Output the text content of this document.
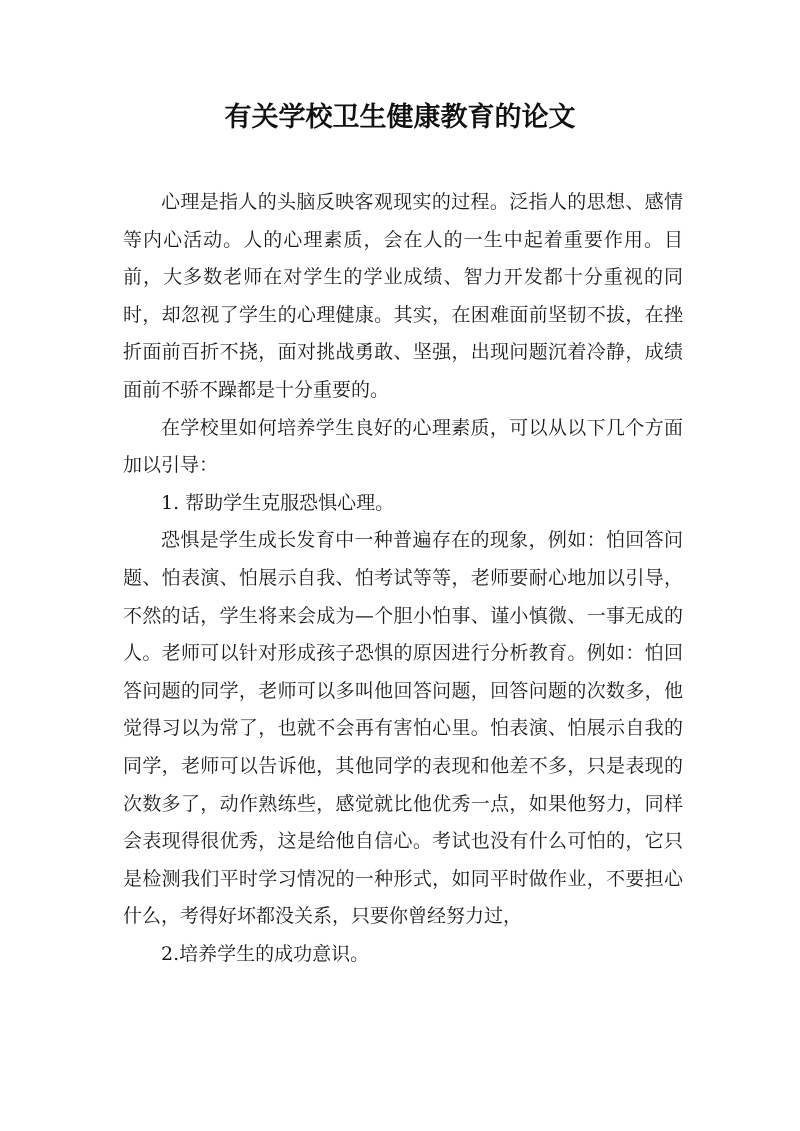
有关学校卫生健康教育的论文

心理是指人的头脑反映客观现实的过程。泛指人的思想、感情等内心活动。人的心理素质，会在人的一生中起着重要作用。目前，大多数老师在对学生的学业成绩、智力开发都十分重视的同时，却忽视了学生的心理健康。其实，在困难面前坚韧不拔，在挫折面前百折不挠，面对挑战勇敢、坚强，出现问题沉着冷静，成绩面前不骄不躁都是十分重要的。

在学校里如何培养学生良好的心理素质，可以从以下几个方面加以引导：

1. 帮助学生克服恐惧心理。

恐惧是学生成长发育中一种普遍存在的现象，例如：怕回答问题、怕表演、怕展示自我、怕考试等等，老师要耐心地加以引导，不然的话，学生将来会成为—个胆小怕事、谨小慎微、一事无成的人。老师可以针对形成孩子恐惧的原因进行分析教育。例如：怕回答问题的同学，老师可以多叫他回答问题，回答问题的次数多，他觉得习以为常了，也就不会再有害怕心里。怕表演、怕展示自我的同学，老师可以告诉他，其他同学的表现和他差不多，只是表现的次数多了，动作熟练些，感觉就比他优秀一点，如果他努力，同样会表现得很优秀，这是给他自信心。考试也没有什么可怕的，它只是检测我们平时学习情况的一种形式，如同平时做作业，不要担心什么，考得好坏都没关系，只要你曾经努力过，

2.培养学生的成功意识。
